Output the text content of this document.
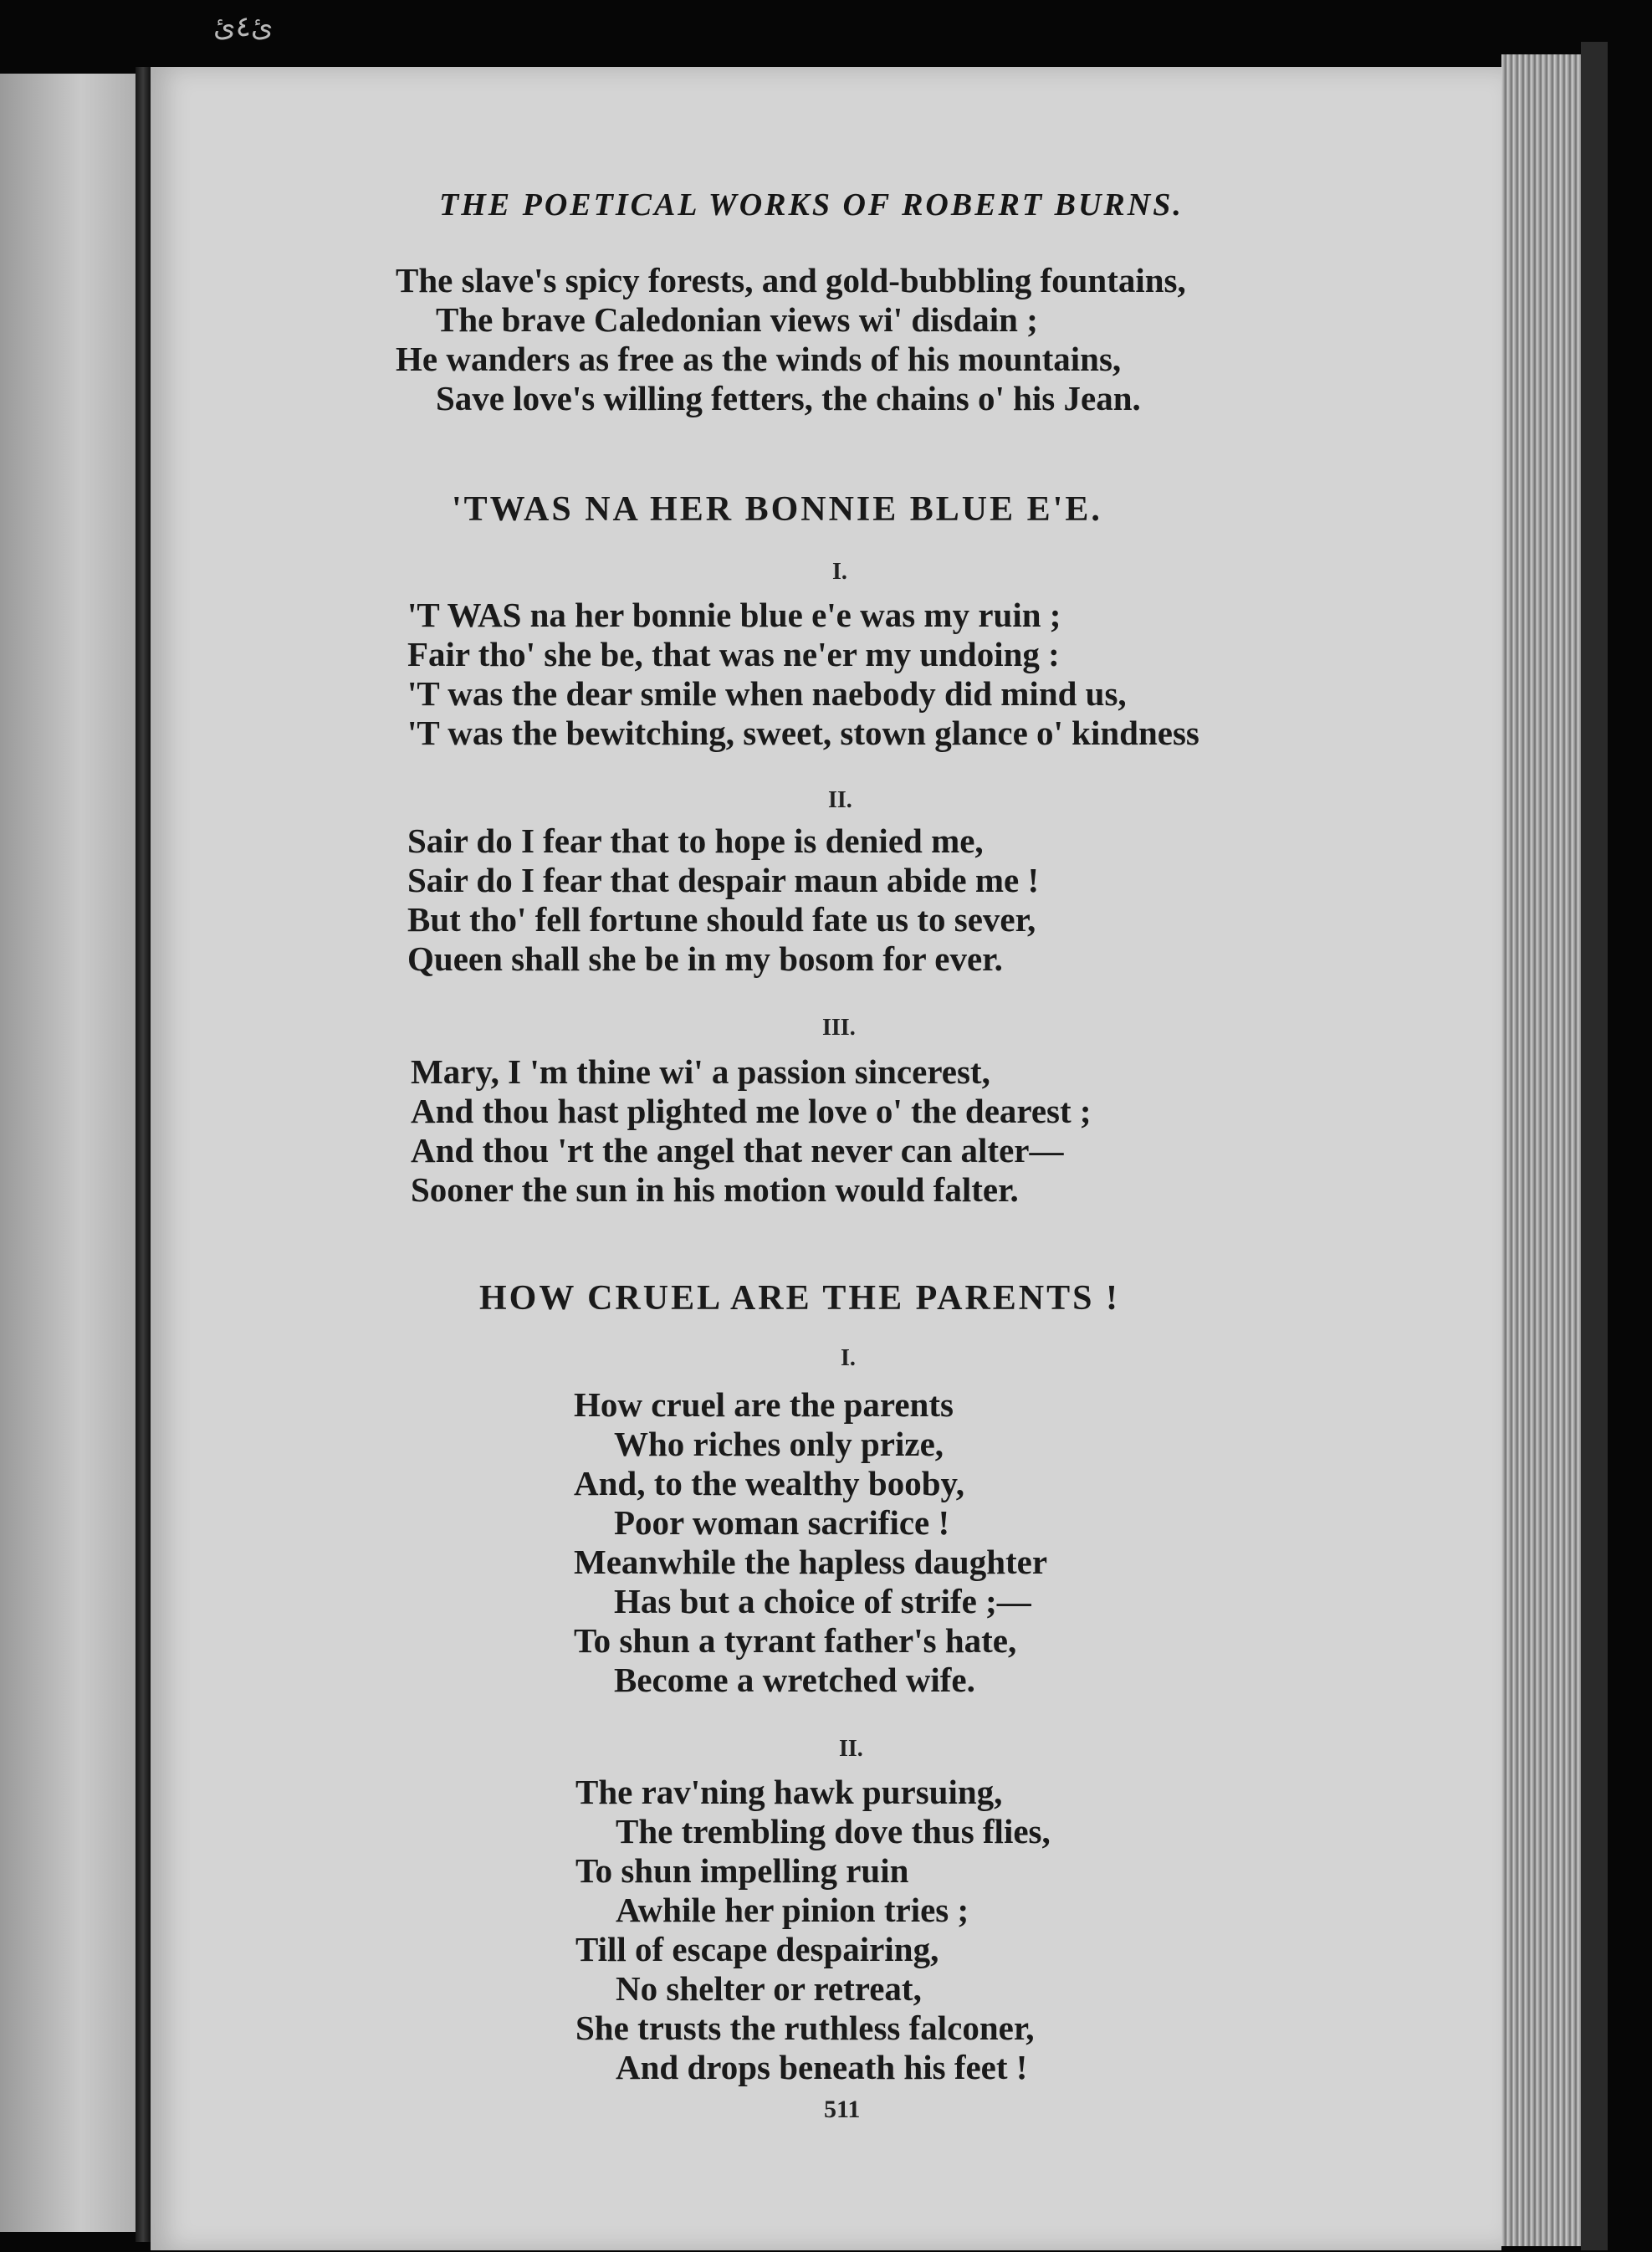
ئ٤ئ
THE POETICAL WORKS OF ROBERT BURNS.
The slave's spicy forests, and gold-bubbling fountains,
The brave Caledonian views wi' disdain ;
He wanders as free as the winds of his mountains,
Save love's willing fetters, the chains o' his Jean.
'TWAS NA HER BONNIE BLUE E'E.
I.
'T WAS na her bonnie blue e'e was my ruin ;
Fair tho' she be, that was ne'er my undoing :
'T was the dear smile when naebody did mind us,
'T was the bewitching, sweet, stown glance o' kindness
II.
Sair do I fear that to hope is denied me,
Sair do I fear that despair maun abide me !
But tho' fell fortune should fate us to sever,
Queen shall she be in my bosom for ever.
III.
Mary, I 'm thine wi' a passion sincerest,
And thou hast plighted me love o' the dearest ;
And thou 'rt the angel that never can alter—
Sooner the sun in his motion would falter.
HOW CRUEL ARE THE PARENTS !
I.
How cruel are the parents
Who riches only prize,
And, to the wealthy booby,
Poor woman sacrifice !
Meanwhile the hapless daughter
Has but a choice of strife ;—
To shun a tyrant father's hate,
Become a wretched wife.
II.
The rav'ning hawk pursuing,
The trembling dove thus flies,
To shun impelling ruin
Awhile her pinion tries ;
Till of escape despairing,
No shelter or retreat,
She trusts the ruthless falconer,
And drops beneath his feet !
511
